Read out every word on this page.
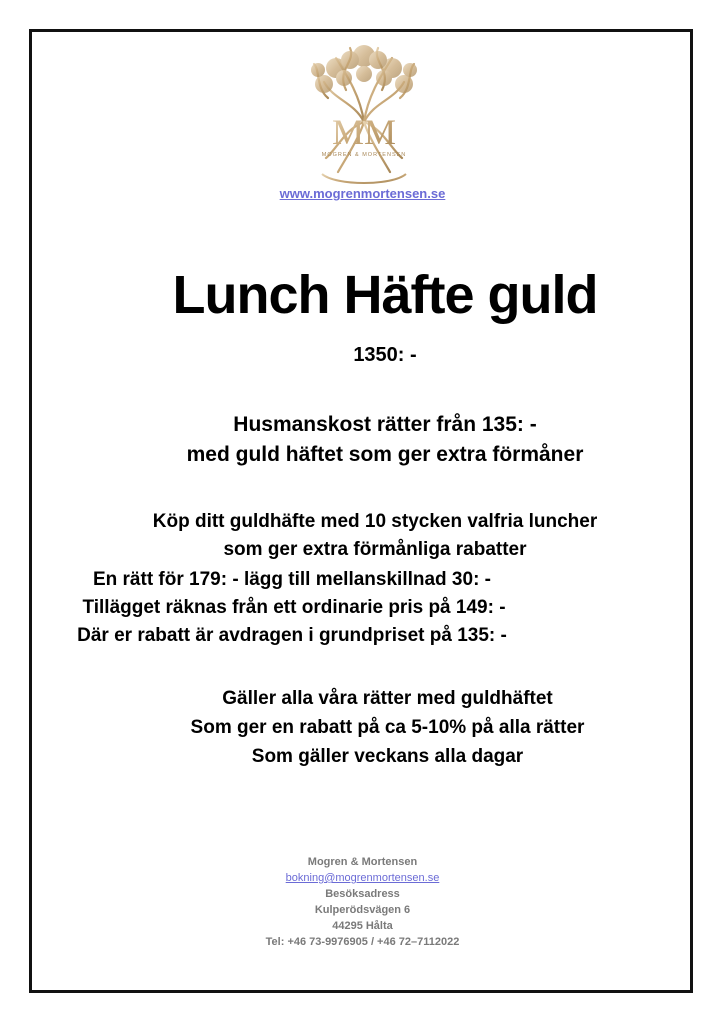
MM
MOGREN & MORTENSEN
www.mogrenmortensen.se
Lunch Häfte guld
1350: -
Husmanskost rätter från 135: -
med guld häftet som ger extra förmåner
Köp ditt guldhäfte med 10 stycken valfria luncher
som ger extra förmånliga rabatter
En rätt för 179: - lägg till mellanskillnad 30: -
Tillägget räknas från ett ordinarie pris på 149: -
Där er rabatt är avdragen i grundpriset på 135: -
Gäller alla våra rätter med guldhäftet
Som ger en rabatt på ca 5-10% på alla rätter
Som gäller veckans alla dagar
Mogren & Mortensen
bokning@mogrenmortensen.se
Besöksadress
Kulperödsvägen 6
44295 Hålta
Tel: +46 73-9976905 / +46 72–7112022
